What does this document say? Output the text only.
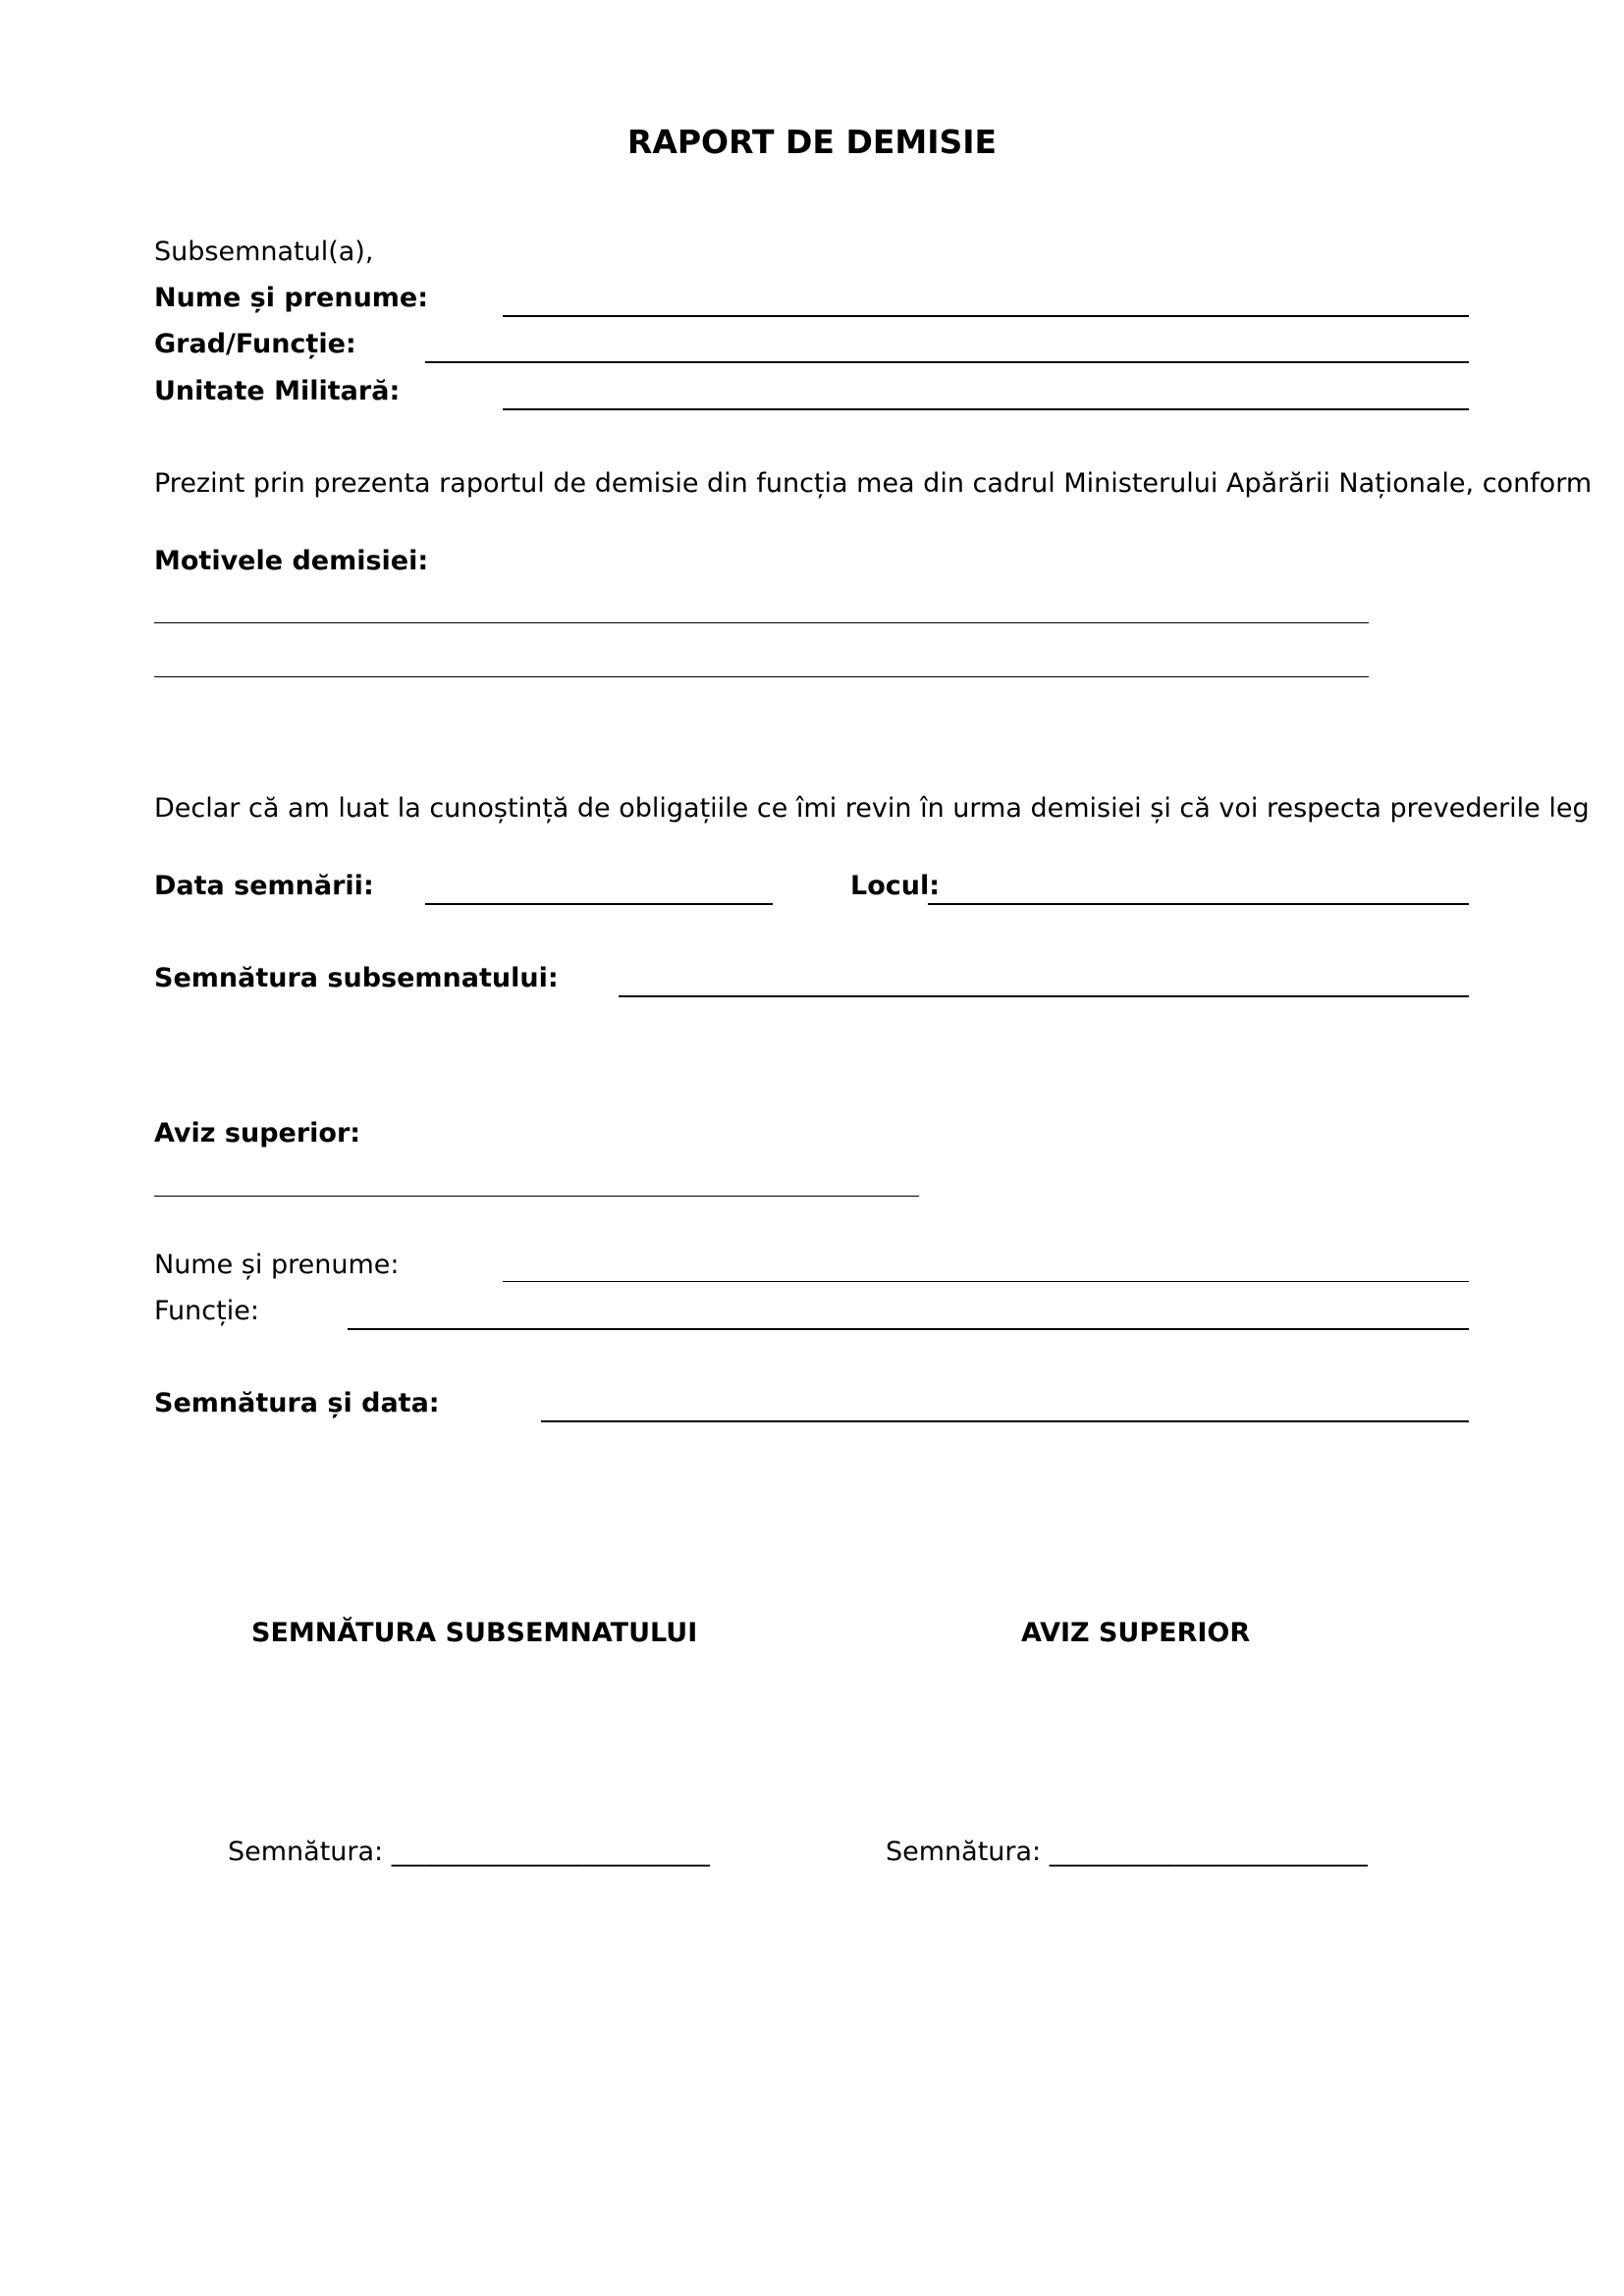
RAPORT DE DEMISIE
Subsemnatul(a),
Nume și prenume:
Grad/Funcție:
Unitate Militară:
Prezint prin prezenta raportul de demisie din funcția mea din cadrul Ministerului Apărării Naționale, conform
Motivele demisiei:
Declar că am luat la cunoștință de obligațiile ce îmi revin în urma demisiei și că voi respecta prevederile leg
Data semnării:	Locul:
Semnătura subsemnatului:
Aviz superior:
Nume și prenume:
Funcție:
Semnătura și data:
SEMNĂTURA SUBSEMNATULUI	AVIZ SUPERIOR
Semnătura: ________________________	Semnătura: ________________________
